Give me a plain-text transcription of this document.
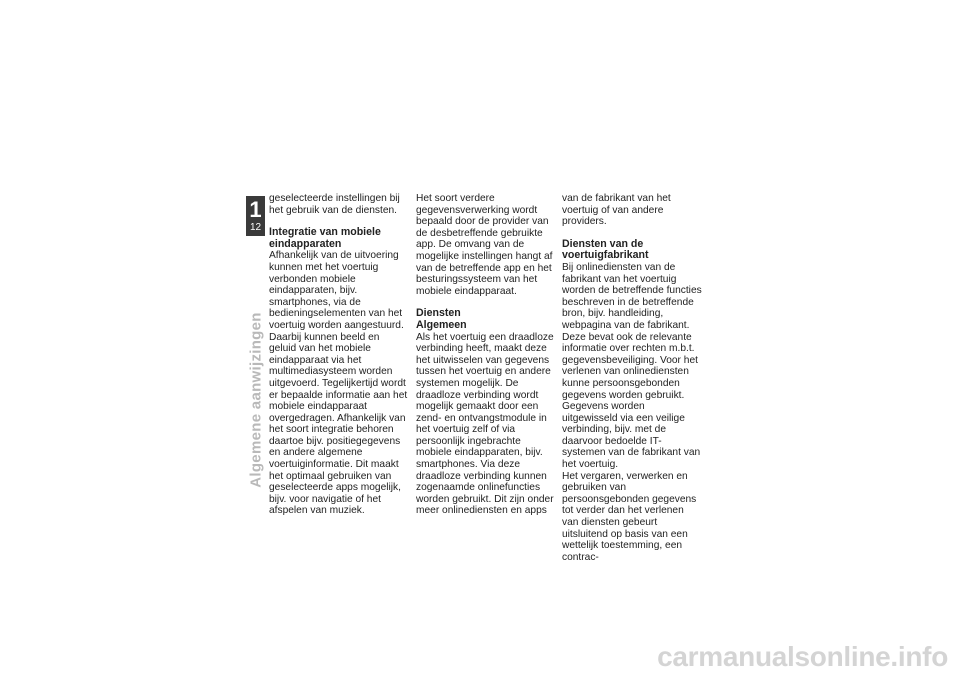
1
12
Algemene aanwijzingen

geselecteerde instellingen bij het gebruik van de diensten.

Integratie van mobiele eindapparaten

Afhankelijk van de uitvoering kunnen met het voertuig verbonden mobiele eindapparaten, bijv. smartphones, via de bedieningselementen van het voertuig worden aangestuurd.

Daarbij kunnen beeld en geluid van het mobiele eindapparaat via het multimediasysteem worden uitgevoerd. Tegelijkertijd wordt er bepaalde informatie aan het mobiele eindapparaat overgedragen. Afhankelijk van het soort integratie behoren daartoe bijv. positiegegevens en andere algemene voertuiginformatie. Dit maakt het optimaal gebruiken van geselecteerde apps mogelijk, bijv. voor navigatie of het afspelen van muziek.

Het soort verdere gegevensverwerking wordt bepaald door de provider van de desbetreffende gebruikte app. De omvang van de mogelijke instellingen hangt af van de betreffende app en het besturingssysteem van het mobiele eindapparaat.

Diensten
Algemeen

Als het voertuig een draadloze verbinding heeft, maakt deze het uitwisselen van gegevens tussen het voertuig en andere systemen mogelijk. De draadloze verbinding wordt mogelijk gemaakt door een zend- en ontvangstmodule in het voertuig zelf of via persoonlijk ingebrachte mobiele eindapparaten, bijv. smartphones. Via deze draadloze verbinding kunnen zogenaamde onlinefuncties worden gebruikt. Dit zijn onder meer onlinediensten en apps

van de fabrikant van het voertuig of van andere providers.

Diensten van de voertuigfabrikant

Bij onlinediensten van de fabrikant van het voertuig worden de betreffende functies beschreven in de betreffende bron, bijv. handleiding, webpagina van de fabrikant. Deze bevat ook de relevante informatie over rechten m.b.t. gegevensbeveiliging. Voor het verlenen van onlinediensten kunne persoonsgebonden gegevens worden gebruikt. Gegevens worden uitgewisseld via een veilige verbinding, bijv. met de daarvoor bedoelde IT-systemen van de fabrikant van het voertuig.

Het vergaren, verwerken en gebruiken van persoonsgebonden gegevens tot verder dan het verlenen van diensten gebeurt uitsluitend op basis van een wettelijk toestemming, een contrac-

carmanualsonline.info
